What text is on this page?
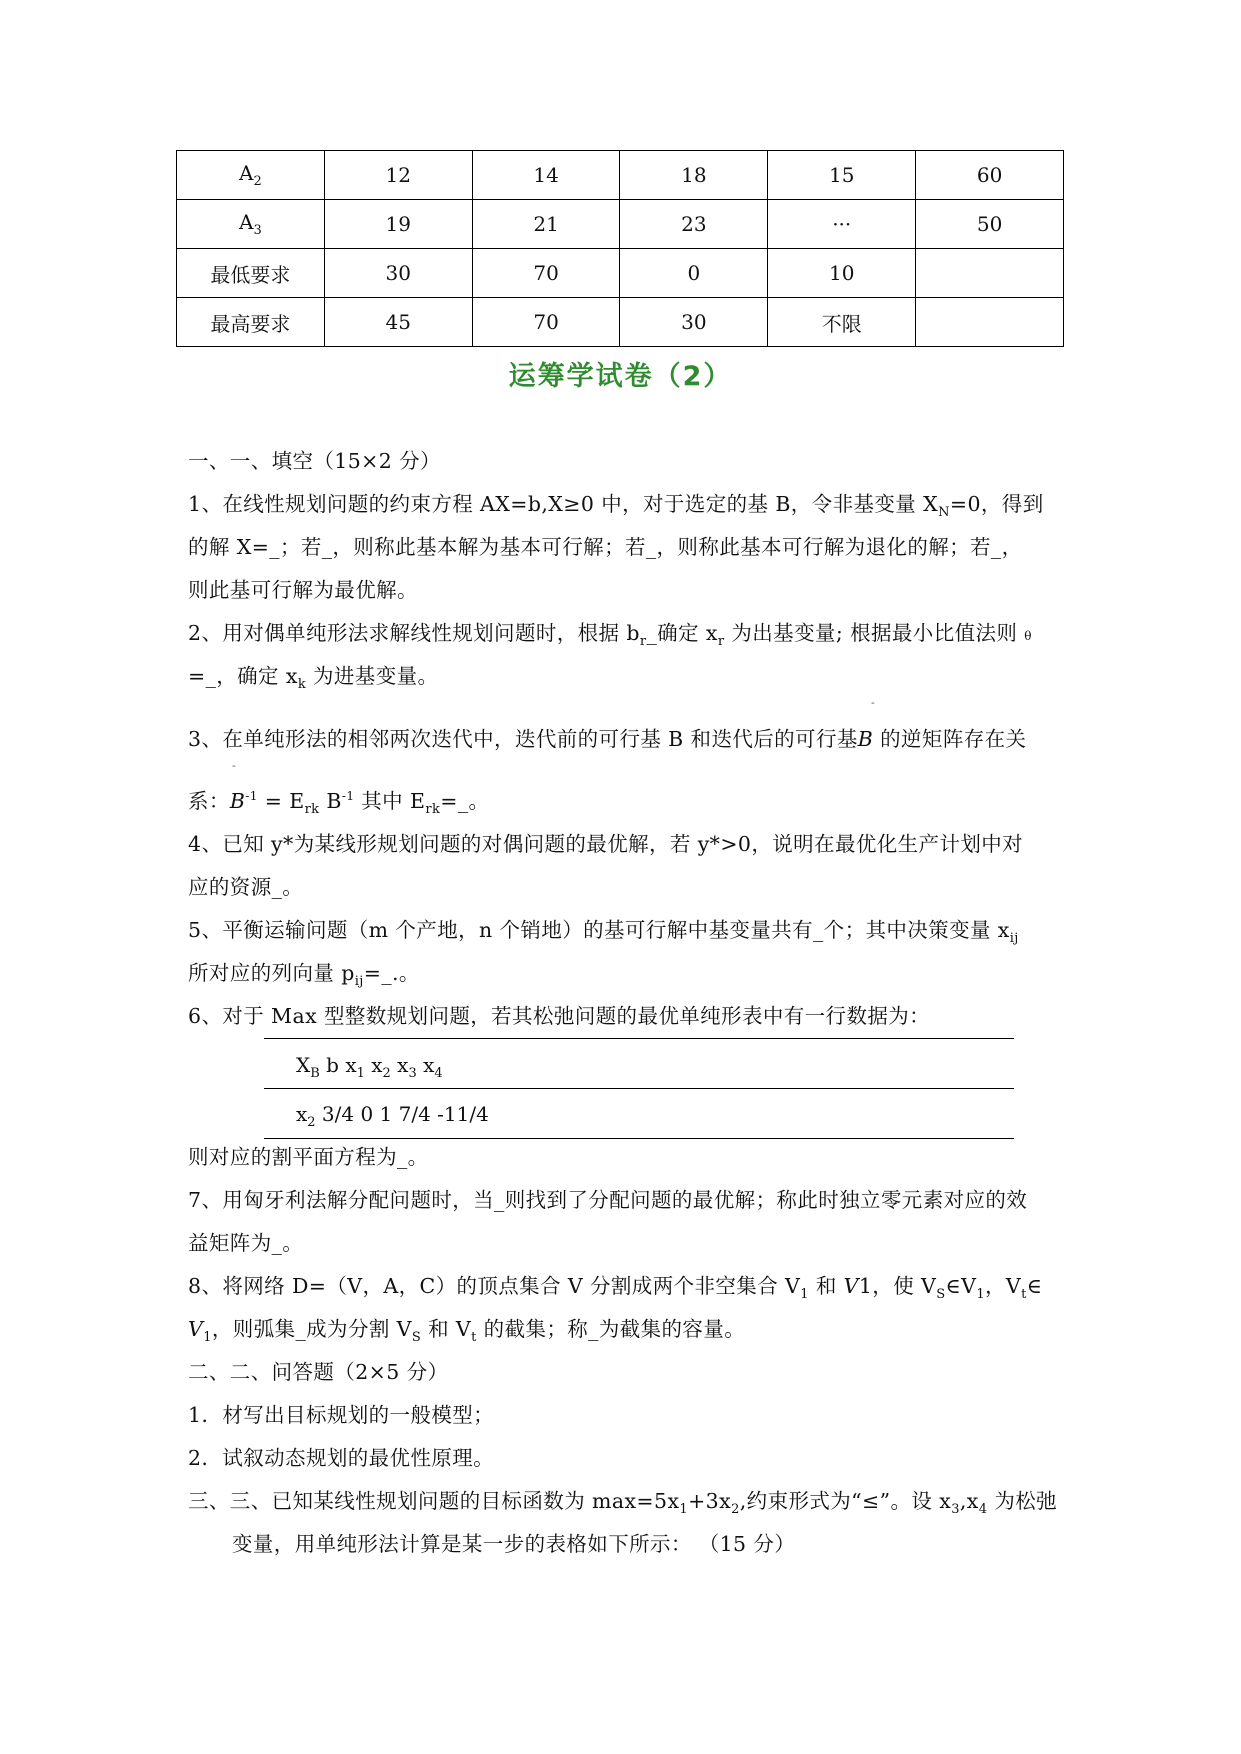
$A_2$	12	14	18	15	60
$A_3$	19	21	23	···	50
最低要求	30	70	0	10	
最高要求	45	70	30	不限	
运筹学试卷（2）
一、一、填空（15×2 分）
1、在线性规划问题的约束方程 AX=b,X≥0 中，对于选定的基 B，令非基变量 $X_N=0$，得到
的解 X=_；若_，则称此基本解为基本可行解；若_，则称此基本可行解为退化的解；若_，
则此基可行解为最优解。
2、用对偶单纯形法求解线性规划问题时，根据 $b_r\_$确定 $x_r$ 为出基变量; 根据最小比值法则 θ
=_，确定 $x_k$ 为进基变量。
-
3、在单纯形法的相邻两次迭代中，迭代前的可行基 B 和迭代后的可行基B 的逆矩阵存在关
-
系：$B^{-1} = E_{rk}$ $B^{-1}$ 其中 $E_{rk}=\_$。
4、已知 y*为某线形规划问题的对偶问题的最优解，若 y*>0，说明在最优化生产计划中对
应的资源_。
5、平衡运输问题（m 个产地，n 个销地）的基可行解中基变量共有_个；其中决策变量 $x_{ij}$
所对应的列向量 $p_{ij}=\_$.。
6、对于 Max 型整数规划问题，若其松弛问题的最优单纯形表中有一行数据为：
$X_B$ b $x_1$ $x_2$ $x_3$ $x_4$
$x_2$ 3/4 0 1 7/4 -11/4
则对应的割平面方程为_。
7、用匈牙利法解分配问题时，当_则找到了分配问题的最优解；称此时独立零元素对应的效
益矩阵为_。
8、将网络 D=（V，A，C）的顶点集合 V 分割成两个非空集合 $V_1$ 和 V1，使 $V_S\in V_1$，$V_t\in$
$V_1$，则弧集_成为分割 $V_S$ 和 $V_t$ 的截集；称_为截集的容量。
二、二、问答题（2×5 分）
1．材写出目标规划的一般模型；
2．试叙动态规划的最优性原理。
三、三、已知某线性规划问题的目标函数为 $\max=5x_1+3x_2$,约束形式为“≤”。设 $x_3,x_4$ 为松弛
变量，用单纯形法计算是某一步的表格如下所示： （15 分）
